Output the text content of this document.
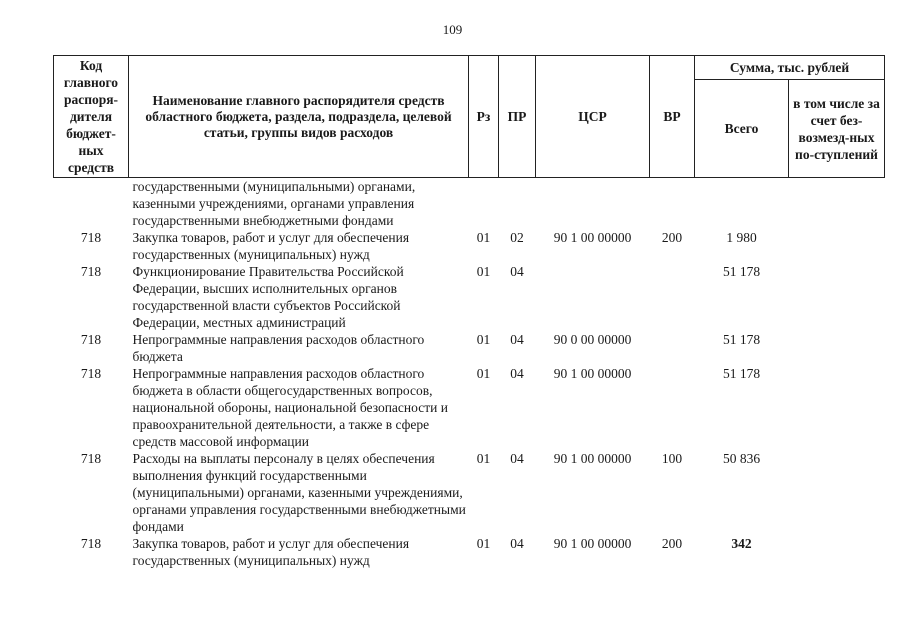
109
Код главного распоря-дителя бюджет-ных средств	Наименование главного распорядителя средств областного бюджета, раздела, подраздела, целевой статьи, группы видов расходов	Рз	ПР	ЦСР	ВР	Сумма, тыс. рублей	
						Всего	в том числе за счет без-возмезд-ных по-ступлений
	государственными (муниципальными) органами, казенными учреждениями, органами управления государственными внебюджетными фондами						
718	Закупка товаров, работ и услуг для обеспечения государственных (муниципальных) нужд	01	02	90 1 00 00000	200	1 980	
718	Функционирование Правительства Российской Федерации, высших исполнительных органов государственной власти субъектов Российской Федерации, местных администраций	01	04			51 178	
718	Непрограммные направления расходов областного бюджета	01	04	90 0 00 00000		51 178	
718	Непрограммные направления расходов областного бюджета в области общегосударственных вопросов, национальной обороны, национальной безопасности и правоохранительной деятельности, а также в сфере средств массовой информации	01	04	90 1 00 00000		51 178	
718	Расходы на выплаты персоналу в целях обеспечения выполнения функций государственными (муниципальными) органами, казенными учреждениями, органами управления государственными внебюджетными фондами	01	04	90 1 00 00000	100	50 836	
718	Закупка товаров, работ и услуг для обеспечения государственных (муниципальных) нужд	01	04	90 1 00 00000	200	342	
